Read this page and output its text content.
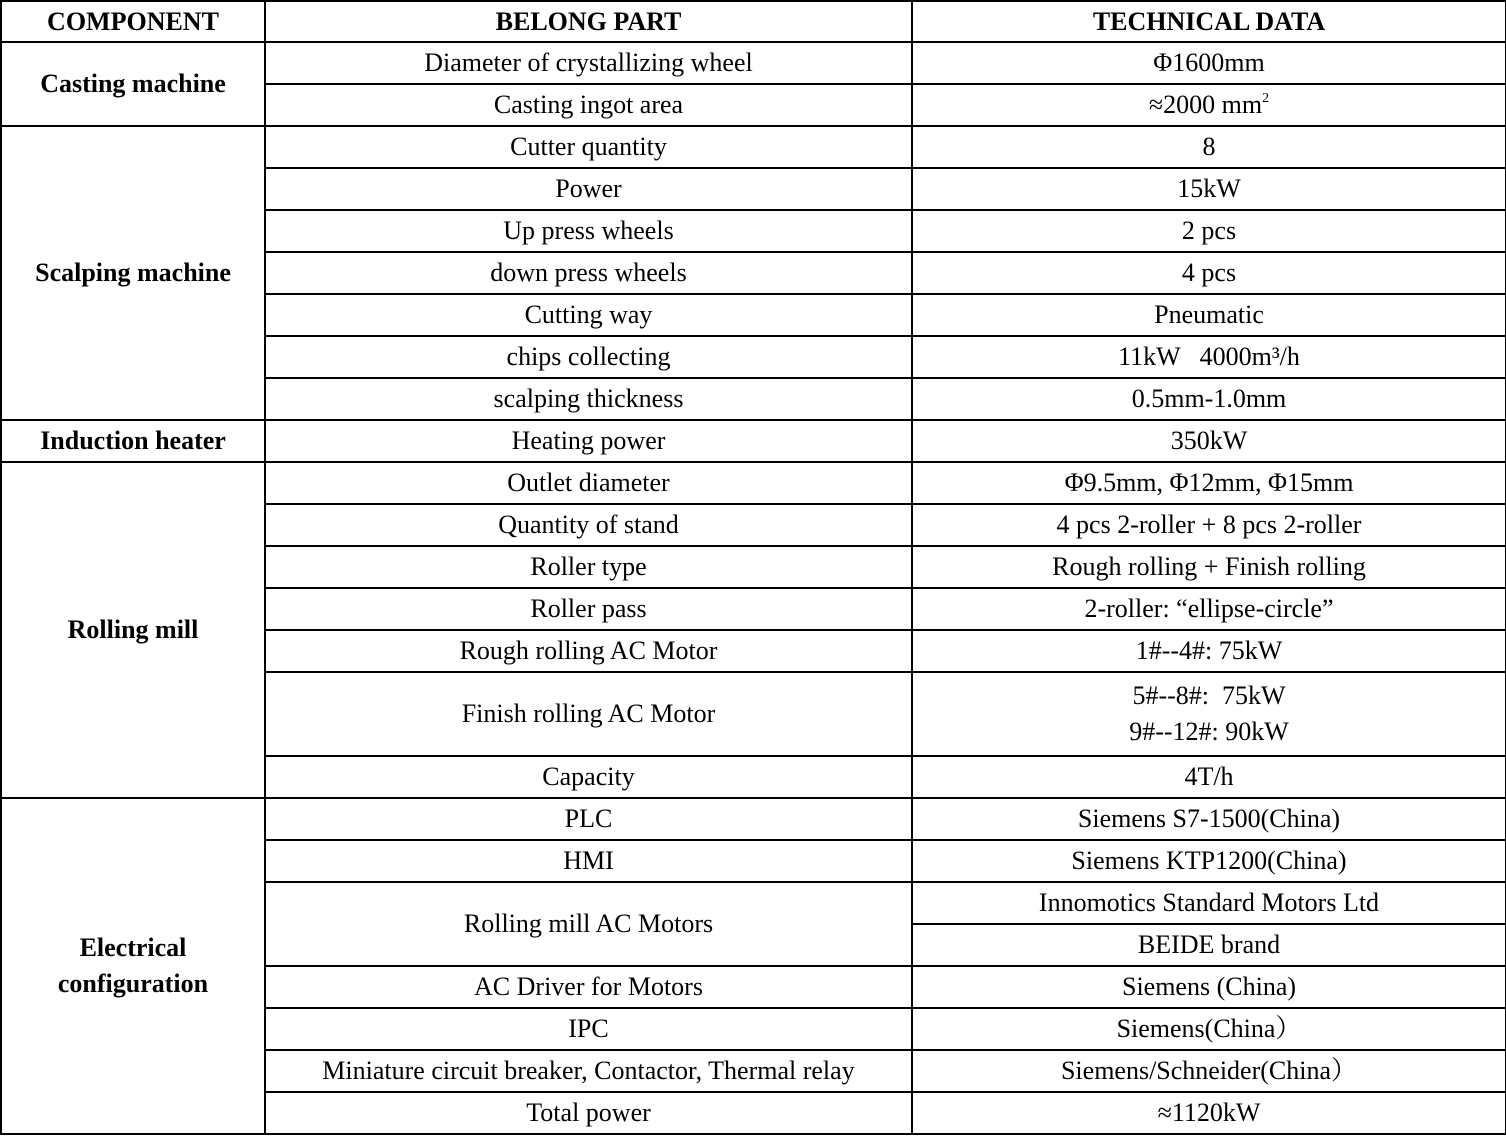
COMPONENT	BELONG PART	TECHNICAL DATA
Casting machine	Diameter of crystallizing wheel	Φ1600mm
	Casting ingot area	≈2000 $mm^2$
Scalping machine	Cutter quantity	8
	Power	15kW
	Up press wheels	2 pcs
	down press wheels	4 pcs
	Cutting way	Pneumatic
	chips collecting	11kW   4000m³/h
	scalping thickness	0.5mm-1.0mm
Induction heater	Heating power	350kW
Rolling mill	Outlet diameter	Φ9.5mm, Φ12mm, Φ15mm
	Quantity of stand	4 pcs 2-roller + 8 pcs 2-roller
	Roller type	Rough rolling + Finish rolling
	Roller pass	2-roller: “ellipse-circle”
	Rough rolling AC Motor	1#--4#: 75kW
	Finish rolling AC Motor	5#--8#:  75kW
9#--12#: 90kW

	Capacity	4T/h

Electrical
configuration	PLC	Siemens S7-1500(China)
	HMI	Siemens KTP1200(China)
	Rolling mill AC Motors	Innomotics Standard Motors Ltd
		BEIDE brand
	AC Driver for Motors	Siemens (China)
	IPC	Siemens(China）
	Miniature circuit breaker, Contactor, Thermal relay	Siemens/Schneider(China）
	Total power	≈1120kW
